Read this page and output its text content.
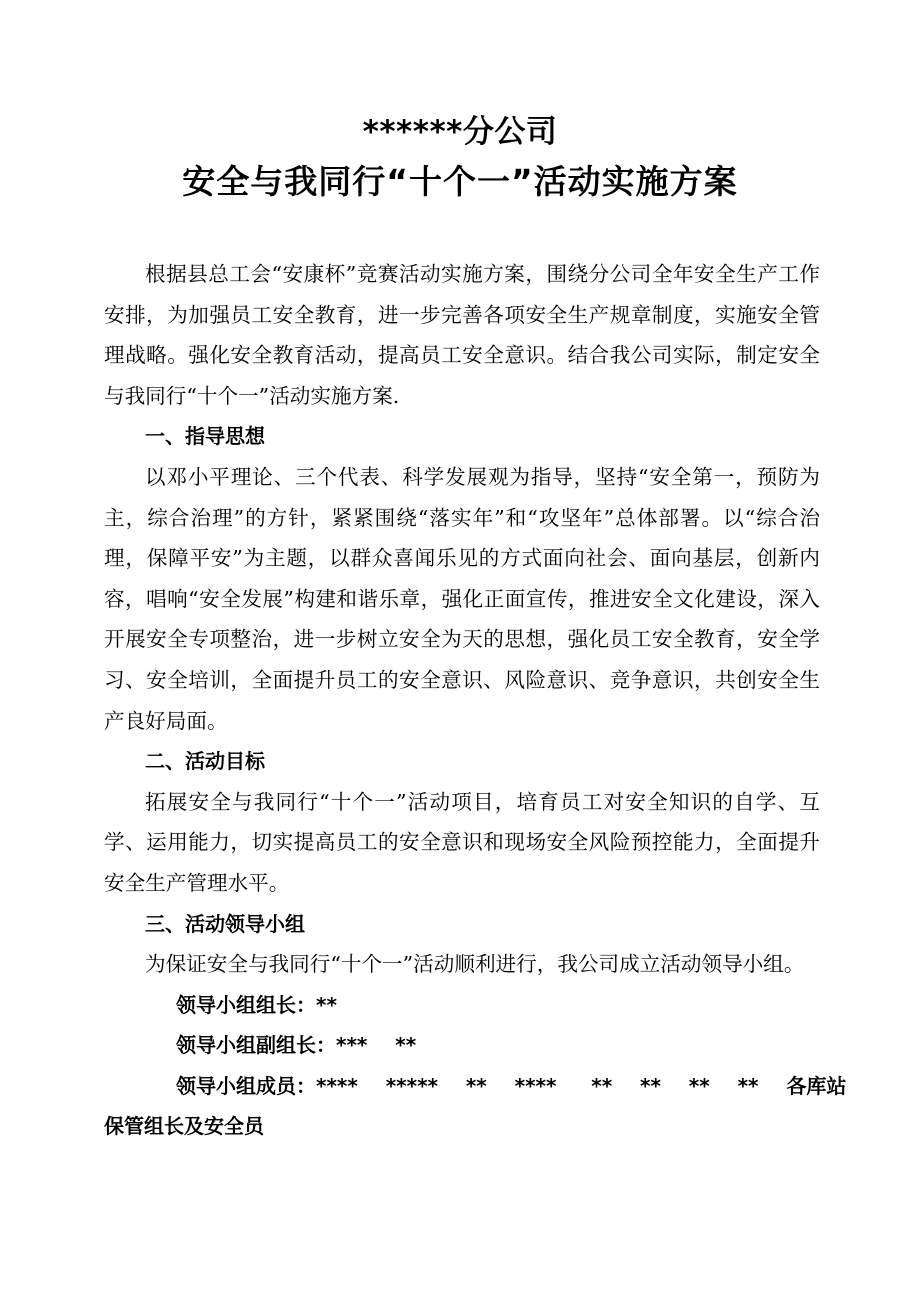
******分公司
安全与我同行“十个一”活动实施方案

根据县总工会“安康杯”竞赛活动实施方案，围绕分公司全年安全生产工作安排，为加强员工安全教育，进一步完善各项安全生产规章制度，实施安全管理战略。强化安全教育活动，提高员工安全意识。结合我公司实际，制定安全与我同行“十个一”活动实施方案.

一、指导思想

以邓小平理论、三个代表、科学发展观为指导，坚持“安全第一，预防为主，综合治理”的方针，紧紧围绕“落实年”和“攻坚年”总体部署。以“综合治理，保障平安”为主题，以群众喜闻乐见的方式面向社会、面向基层，创新内容，唱响“安全发展”构建和谐乐章，强化正面宣传，推进安全文化建设，深入开展安全专项整治，进一步树立安全为天的思想，强化员工安全教育，安全学习、安全培训，全面提升员工的安全意识、风险意识、竞争意识，共创安全生产良好局面。

二、活动目标

拓展安全与我同行“十个一”活动项目，培育员工对安全知识的自学、互学、运用能力，切实提高员工的安全意识和现场安全风险预控能力，全面提升安全生产管理水平。

三、活动领导小组

为保证安全与我同行“十个一”活动顺利进行，我公司成立活动领导小组。

领导小组组长：**

领导小组副组长：***    **

领导小组成员：****    *****    **    ****     **    **    **    **    各库站

保管组长及安全员
